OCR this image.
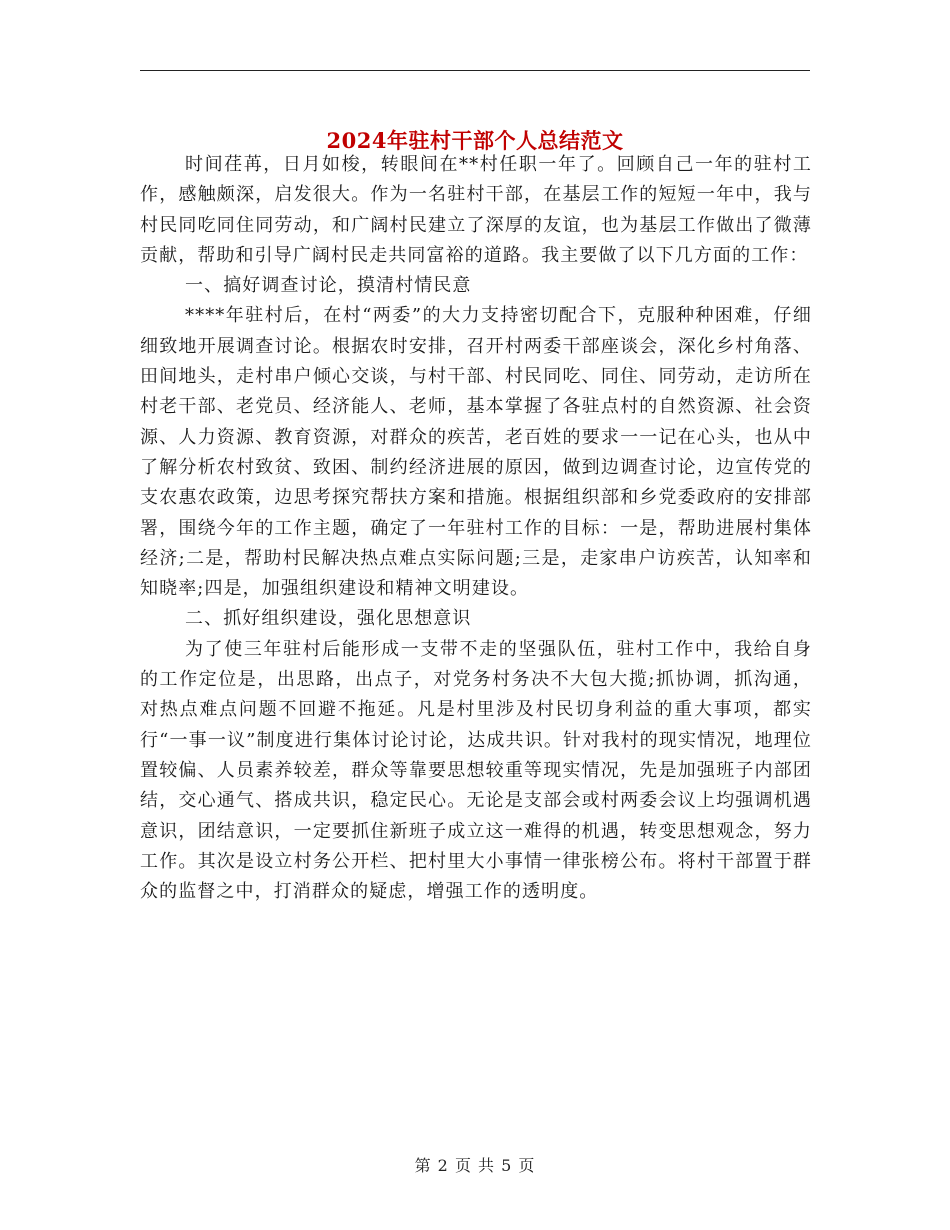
2024年驻村干部个人总结范文

时间荏苒，日月如梭，转眼间在**村任职一年了。回顾自己一年的驻村工作，感触颇深，启发很大。作为一名驻村干部，在基层工作的短短一年中，我与村民同吃同住同劳动，和广阔村民建立了深厚的友谊，也为基层工作做出了微薄贡献，帮助和引导广阔村民走共同富裕的道路。我主要做了以下几方面的工作：

一、搞好调查讨论，摸清村情民意

****年驻村后，在村“两委”的大力支持密切配合下，克服种种困难，仔细细致地开展调查讨论。根据农时安排，召开村两委干部座谈会，深化乡村角落、田间地头，走村串户倾心交谈，与村干部、村民同吃、同住、同劳动，走访所在村老干部、老党员、经济能人、老师，基本掌握了各驻点村的自然资源、社会资源、人力资源、教育资源，对群众的疾苦，老百姓的要求一一记在心头，也从中了解分析农村致贫、致困、制约经济进展的原因，做到边调查讨论，边宣传党的支农惠农政策，边思考探究帮扶方案和措施。根据组织部和乡党委政府的安排部署，围绕今年的工作主题，确定了一年驻村工作的目标：一是，帮助进展村集体经济;二是，帮助村民解决热点难点实际问题;三是，走家串户访疾苦，认知率和知晓率;四是，加强组织建设和精神文明建设。

二、抓好组织建设，强化思想意识

为了使三年驻村后能形成一支带不走的坚强队伍，驻村工作中，我给自身的工作定位是，出思路，出点子，对党务村务决不大包大揽;抓协调，抓沟通，对热点难点问题不回避不拖延。凡是村里涉及村民切身利益的重大事项，都实行“一事一议”制度进行集体讨论讨论，达成共识。针对我村的现实情况，地理位置较偏、人员素养较差，群众等靠要思想较重等现实情况，先是加强班子内部团结，交心通气、搭成共识，稳定民心。无论是支部会或村两委会议上均强调机遇意识，团结意识，一定要抓住新班子成立这一难得的机遇，转变思想观念，努力工作。其次是设立村务公开栏、把村里大小事情一律张榜公布。将村干部置于群众的监督之中，打消群众的疑虑，增强工作的透明度。

第 2 页 共 5 页
